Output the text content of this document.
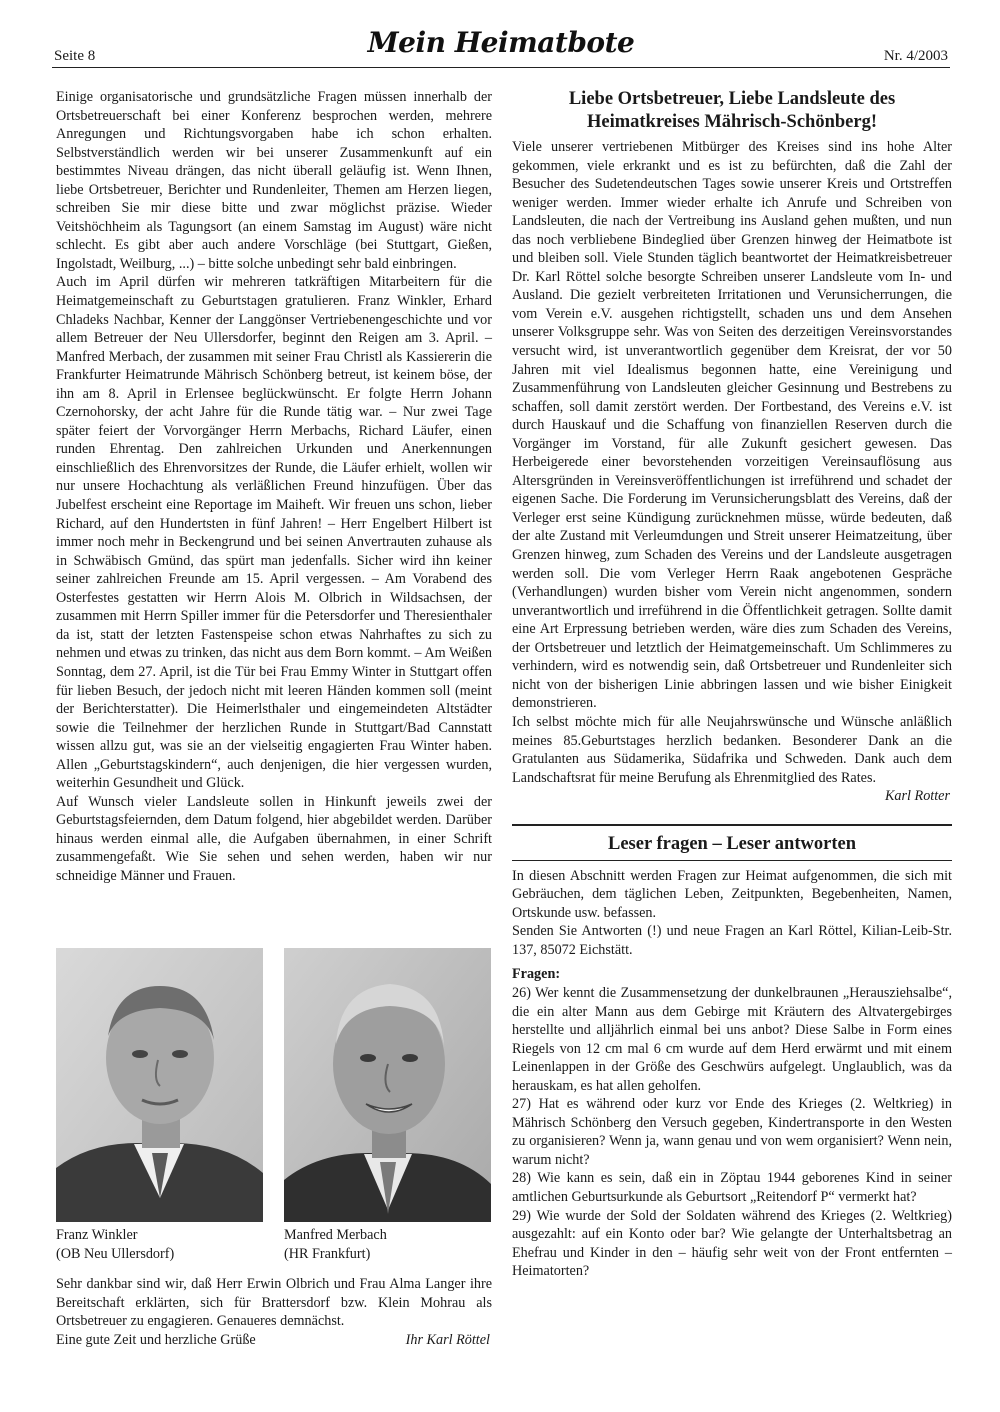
Seite 8	Mein Heimatbote	Nr. 4/2003

Einige organisatorische und grundsätzliche Fragen müssen innerhalb der Ortsbetreuerschaft bei einer Konferenz besprochen werden, mehrere Anregungen und Richtungsvorgaben habe ich schon erhalten. Selbstverständlich werden wir bei unserer Zusammenkunft auf ein bestimmtes Niveau drängen, das nicht überall geläufig ist. Wenn Ihnen, liebe Ortsbetreuer, Berichter und Rundenleiter, Themen am Herzen liegen, schreiben Sie mir diese bitte und zwar möglichst präzise. Wieder Veitshöchheim als Tagungsort (an einem Samstag im August) wäre nicht schlecht. Es gibt aber auch andere Vorschläge (bei Stuttgart, Gießen, Ingolstadt, Weilburg, ...) – bitte solche unbedingt sehr bald einbringen.

Auch im April dürfen wir mehreren tatkräftigen Mitarbeitern für die Heimatgemeinschaft zu Geburtstagen gratulieren. Franz Winkler, Erhard Chladeks Nachbar, Kenner der Langgönser Vertriebenengeschichte und vor allem Betreuer der Neu Ullersdorfer, beginnt den Reigen am 3. April. – Manfred Merbach, der zusammen mit seiner Frau Christl als Kassiererin die Frankfurter Heimatrunde Mährisch Schönberg betreut, ist keinem böse, der ihn am 8. April in Erlensee beglückwünscht. Er folgte Herrn Johann Czernohorsky, der acht Jahre für die Runde tätig war. – Nur zwei Tage später feiert der Vorvorgänger Herrn Merbachs, Richard Läufer, einen runden Ehrentag. Den zahlreichen Urkunden und Anerkennungen einschließlich des Ehrenvorsitzes der Runde, die Läufer erhielt, wollen wir nur unsere Hochachtung als verläßlichen Freund hinzufügen. Über das Jubelfest erscheint eine Reportage im Maiheft. Wir freuen uns schon, lieber Richard, auf den Hundertsten in fünf Jahren! – Herr Engelbert Hilbert ist immer noch mehr in Beckengrund und bei seinen Anvertrauten zuhause als in Schwäbisch Gmünd, das spürt man jedenfalls. Sicher wird ihn keiner seiner zahlreichen Freunde am 15. April vergessen. – Am Vorabend des Osterfestes gestatten wir Herrn Alois M. Olbrich in Wildsachsen, der zusammen mit Herrn Spiller immer für die Petersdorfer und Theresienthaler da ist, statt der letzten Fastenspeise schon etwas Nahrhaftes zu sich zu nehmen und etwas zu trinken, das nicht aus dem Born kommt. – Am Weißen Sonntag, dem 27. April, ist die Tür bei Frau Emmy Winter in Stuttgart offen für lieben Besuch, der jedoch nicht mit leeren Händen kommen soll (meint der Berichterstatter). Die Heimerlsthaler und eingemeindeten Altstädter sowie die Teilnehmer der herzlichen Runde in Stuttgart/Bad Cannstatt wissen allzu gut, was sie an der vielseitig engagierten Frau Winter haben. Allen „Geburtstagskindern“, auch denjenigen, die hier vergessen wurden, weiterhin Gesundheit und Glück.

Auf Wunsch vieler Landsleute sollen in Hinkunft jeweils zwei der Geburtstagsfeiernden, dem Datum folgend, hier abgebildet werden. Darüber hinaus werden einmal alle, die Aufgaben übernahmen, in einer Schrift zusammengefaßt. Wie Sie sehen und sehen werden, haben wir nur schneidige Männer und Frauen.

Franz Winkler
(OB Neu Ullersdorf)
Manfred Merbach
(HR Frankfurt)

Sehr dankbar sind wir, daß Herr Erwin Olbrich und Frau Alma Langer ihre Bereitschaft erklärten, sich für Brattersdorf bzw. Klein Mohrau als Ortsbetreuer zu engagieren. Genaueres demnächst.

Eine gute Zeit und herzliche Grüße	Ihr Karl Röttel
Liebe Ortsbetreuer, Liebe Landsleute des Heimatkreises Mährisch-Schönberg!

Viele unserer vertriebenen Mitbürger des Kreises sind ins hohe Alter gekommen, viele erkrankt und es ist zu befürchten, daß die Zahl der Besucher des Sudetendeutschen Tages sowie unserer Kreis und Ortstreffen weniger werden. Immer wieder erhalte ich Anrufe und Schreiben von Landsleuten, die nach der Vertreibung ins Ausland gehen mußten, und nun das noch verbliebene Bindeglied über Grenzen hinweg der Heimatbote ist und bleiben soll. Viele Stunden täglich beantwortet der Heimatkreisbetreuer Dr. Karl Röttel solche besorgte Schreiben unserer Landsleute vom In- und Ausland. Die gezielt verbreiteten Irritationen und Verunsicherrungen, die vom Verein e.V. ausgehen richtigstellt, schaden uns und dem Ansehen unserer Volksgruppe sehr. Was von Seiten des derzeitigen Vereinsvorstandes versucht wird, ist unverantwortlich gegenüber dem Kreisrat, der vor 50 Jahren mit viel Idealismus begonnen hatte, eine Vereinigung und Zusammenführung von Landsleuten gleicher Gesinnung und Bestrebens zu schaffen, soll damit zerstört werden. Der Fortbestand, des Vereins e.V. ist durch Hauskauf und die Schaffung von finanziellen Reserven durch die Vorgänger im Vorstand, für alle Zukunft gesichert gewesen. Das Herbeigerede einer bevorstehenden vorzeitigen Vereinsauflösung aus Altersgründen in Vereinsveröffentlichungen ist irreführend und schadet der eigenen Sache. Die Forderung im Verunsicherungsblatt des Vereins, daß der Verleger erst seine Kündigung zurücknehmen müsse, würde bedeuten, daß der alte Zustand mit Verleumdungen und Streit unserer Heimatzeitung, über Grenzen hinweg, zum Schaden des Vereins und der Landsleute ausgetragen werden soll. Die vom Verleger Herrn Raak angebotenen Gespräche (Verhandlungen) wurden bisher vom Verein nicht angenommen, sondern unverantwortlich und irreführend in die Öffentlichkeit getragen. Sollte damit eine Art Erpressung betrieben werden, wäre dies zum Schaden des Vereins, der Ortsbetreuer und letztlich der Heimatgemeinschaft. Um Schlimmeres zu verhindern, wird es notwendig sein, daß Ortsbetreuer und Rundenleiter sich nicht von der bisherigen Linie abbringen lassen und wie bisher Einigkeit demonstrieren.

Ich selbst möchte mich für alle Neujahrswünsche und Wünsche anläßlich meines 85.Geburtstages herzlich bedanken. Besonderer Dank an die Gratulanten aus Südamerika, Südafrika und Schweden. Dank auch dem Landschaftsrat für meine Berufung als Ehrenmitglied des Rates.

Karl Rotter
Leser fragen – Leser antworten

In diesen Abschnitt werden Fragen zur Heimat aufgenommen, die sich mit Gebräuchen, dem täglichen Leben, Zeitpunkten, Begebenheiten, Namen, Ortskunde usw. befassen.

Senden Sie Antworten (!) und neue Fragen an Karl Röttel, Kilian-Leib-Str. 137, 85072 Eichstätt.

Fragen:

26) Wer kennt die Zusammensetzung der dunkelbraunen „Herausziehsalbe“, die ein alter Mann aus dem Gebirge mit Kräutern des Altvatergebirges herstellte und alljährlich einmal bei uns anbot? Diese Salbe in Form eines Riegels von 12 cm mal 6 cm wurde auf dem Herd erwärmt und mit einem Leinenlappen in der Größe des Geschwürs aufgelegt. Unglaublich, was da herauskam, es hat allen geholfen.

27) Hat es während oder kurz vor Ende des Krieges (2. Weltkrieg) in Mährisch Schönberg den Versuch gegeben, Kindertransporte in den Westen zu organisieren? Wenn ja, wann genau und von wem organisiert? Wenn nein, warum nicht?

28) Wie kann es sein, daß ein in Zöptau 1944 geborenes Kind in seiner amtlichen Geburtsurkunde als Geburtsort „Reitendorf P“ vermerkt hat?

29) Wie wurde der Sold der Soldaten während des Krieges (2. Weltkrieg) ausgezahlt: auf ein Konto oder bar? Wie gelangte der Unterhaltsbetrag an Ehefrau und Kinder in den – häufig sehr weit von der Front entfernten – Heimatorten?
